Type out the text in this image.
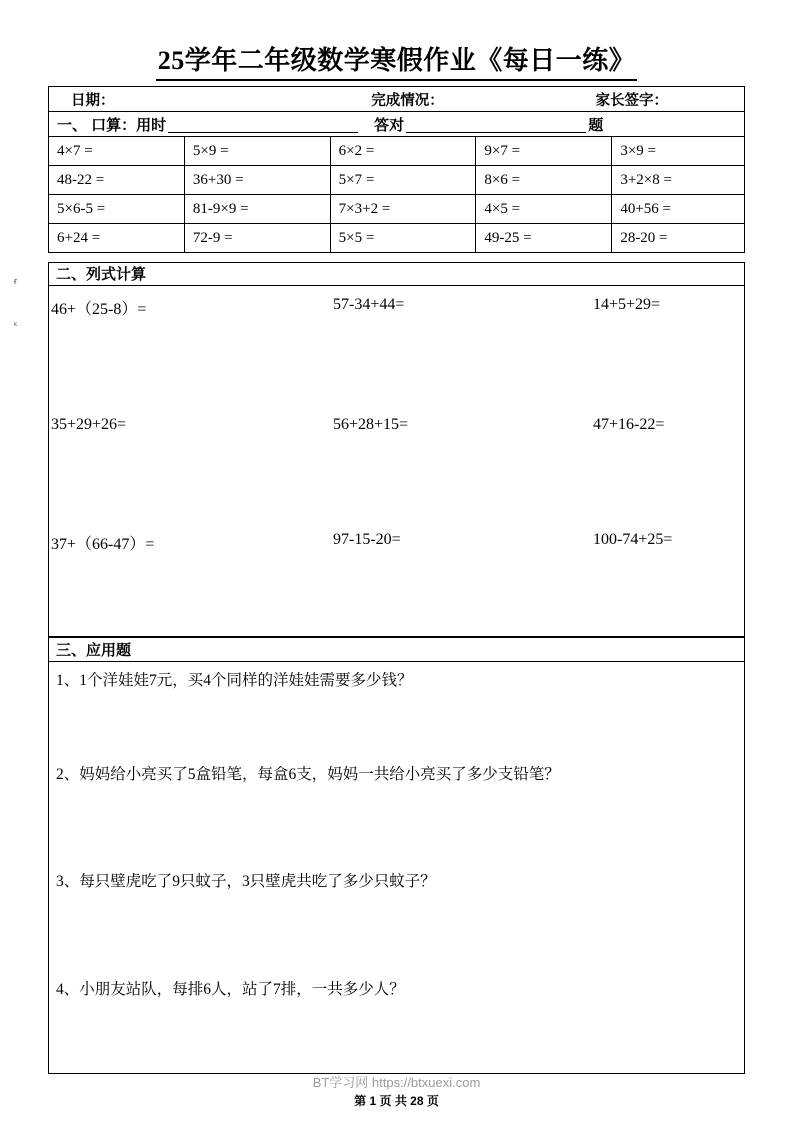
25学年二年级数学寒假作业《每日一练》
日期：	完成情况：	家长签字：
一、 口算：用时	答对	题
4×7 =	5×9 =	6×2 =	9×7 =	3×9 =
48-22 =	36+30 =	5×7 =	8×6 =	3+2×8 =
5×6-5 =	81-9×9 =	7×3+2 =	4×5 =	40+56 =
6+24 =	72-9 =	5×5 =	49-25 =	28-20 =
二、列式计算
46+（25-8）=	57-34+44=	14+5+29=
35+29+26=	56+28+15=	47+16-22=
37+（66-47）=	97-15-20=	100-74+25=
三、应用题
1、1个洋娃娃7元，买4个同样的洋娃娃需要多少钱？
2、妈妈给小亮买了5盒铅笔，每盒6支，妈妈一共给小亮买了多少支铅笔？
3、每只壁虎吃了9只蚊子，3只壁虎共吃了多少只蚊子？
4、小朋友站队，每排6人，站了7排，一共多少人？
ғ
ᵏ
BT学习网 https://btxuexi.com
第 1 页 共 28 页
